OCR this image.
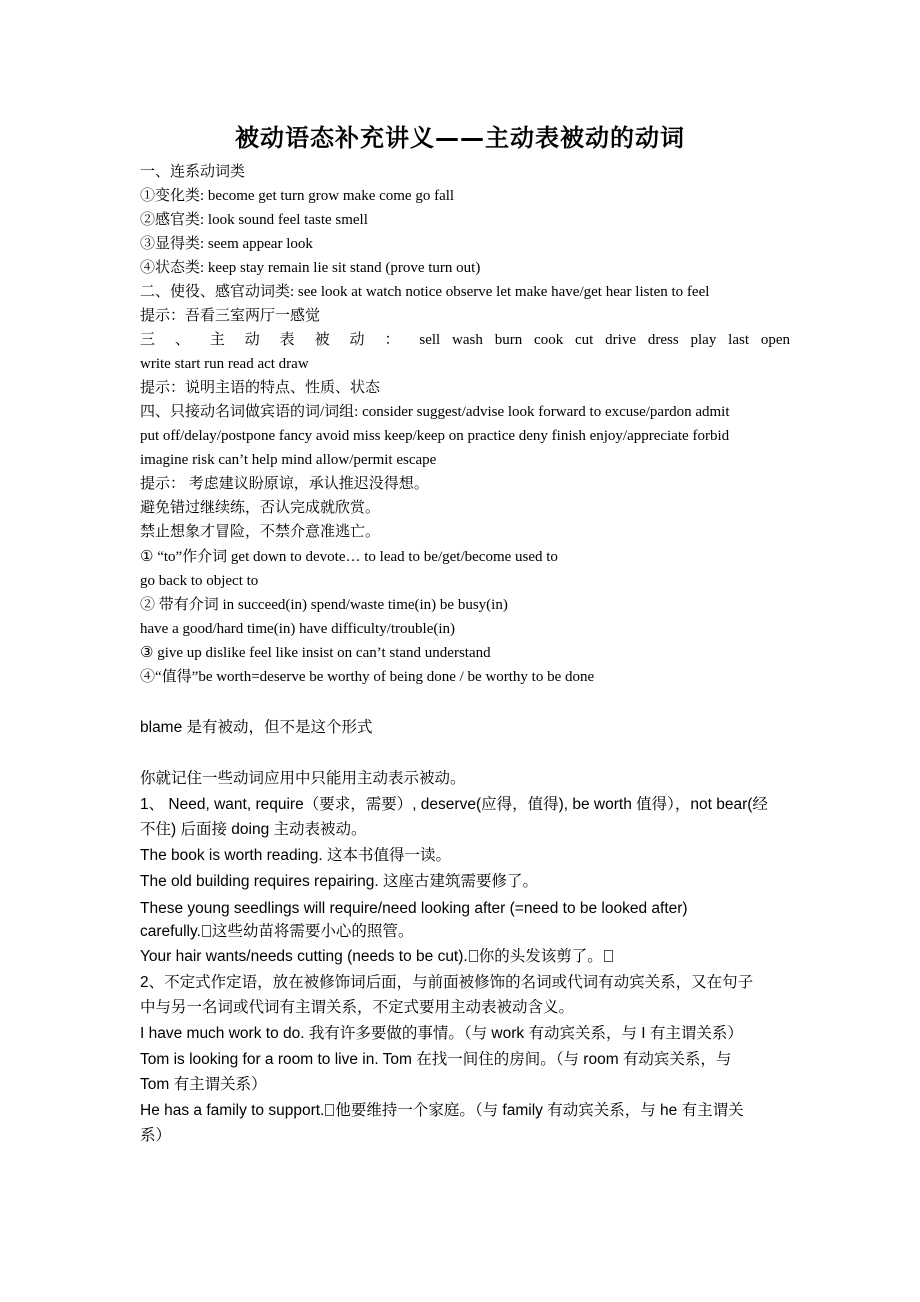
被动语态补充讲义——主动表被动的动词
一、连系动词类
①变化类: become get turn grow make come go fall
②感官类: look sound feel taste smell
③显得类: seem appear look
④状态类: keep stay remain lie sit stand (prove turn out)
二、使役、感官动词类: see look at watch notice observe let make have/get hear listen to feel
提示：吾看三室两厅一感觉
三 、 主 动 表 被 动 ： sell wash burn cook cut drive dress play last open
write start run read act draw
提示：说明主语的特点、性质、状态
四、只接动名词做宾语的词/词组: consider suggest/advise look forward to excuse/pardon admit
put off/delay/postpone fancy avoid miss keep/keep on practice deny finish enjoy/appreciate forbid
imagine risk can’t help mind allow/permit escape
提示： 考虑建议盼原谅，承认推迟没得想。
避免错过继续练，否认完成就欣赏。
禁止想象才冒险，不禁介意准逃亡。
① “to”作介词 get down to devote… to lead to be/get/become used to
go back to object to
② 带有介词 in succeed(in) spend/waste time(in) be busy(in)
have a good/hard time(in) have difficulty/trouble(in)
③ give up dislike feel like insist on can’t stand understand
④“值得”be worth=deserve be worthy of being done / be worthy to be done
blame 是有被动，但不是这个形式
你就记住一些动词应用中只能用主动表示被动。
1、 Need, want, require（要求，需要）, deserve(应得，值得), be worth 值得），not bear(经
不住) 后面接 doing 主动表被动。
The book is worth reading. 这本书值得一读。
The old building requires repairing. 这座古建筑需要修了。
These young seedlings will require/need looking after (=need to be looked after)
carefully. 这些幼苗将需要小心的照管。
Your hair wants/needs cutting (needs to be cut). 你的头发该剪了。
2、不定式作定语，放在被修饰词后面，与前面被修饰的名词或代词有动宾关系，又在句子
中与另一名词或代词有主谓关系，不定式要用主动表被动含义。
I have much work to do. 我有许多要做的事情。（与 work 有动宾关系，与 I 有主谓关系）
Tom is looking for a room to live in. Tom 在找一间住的房间。（与 room 有动宾关系，与
Tom 有主谓关系）
He has a family to support. 他要维持一个家庭。（与 family 有动宾关系，与 he 有主谓关
系）
